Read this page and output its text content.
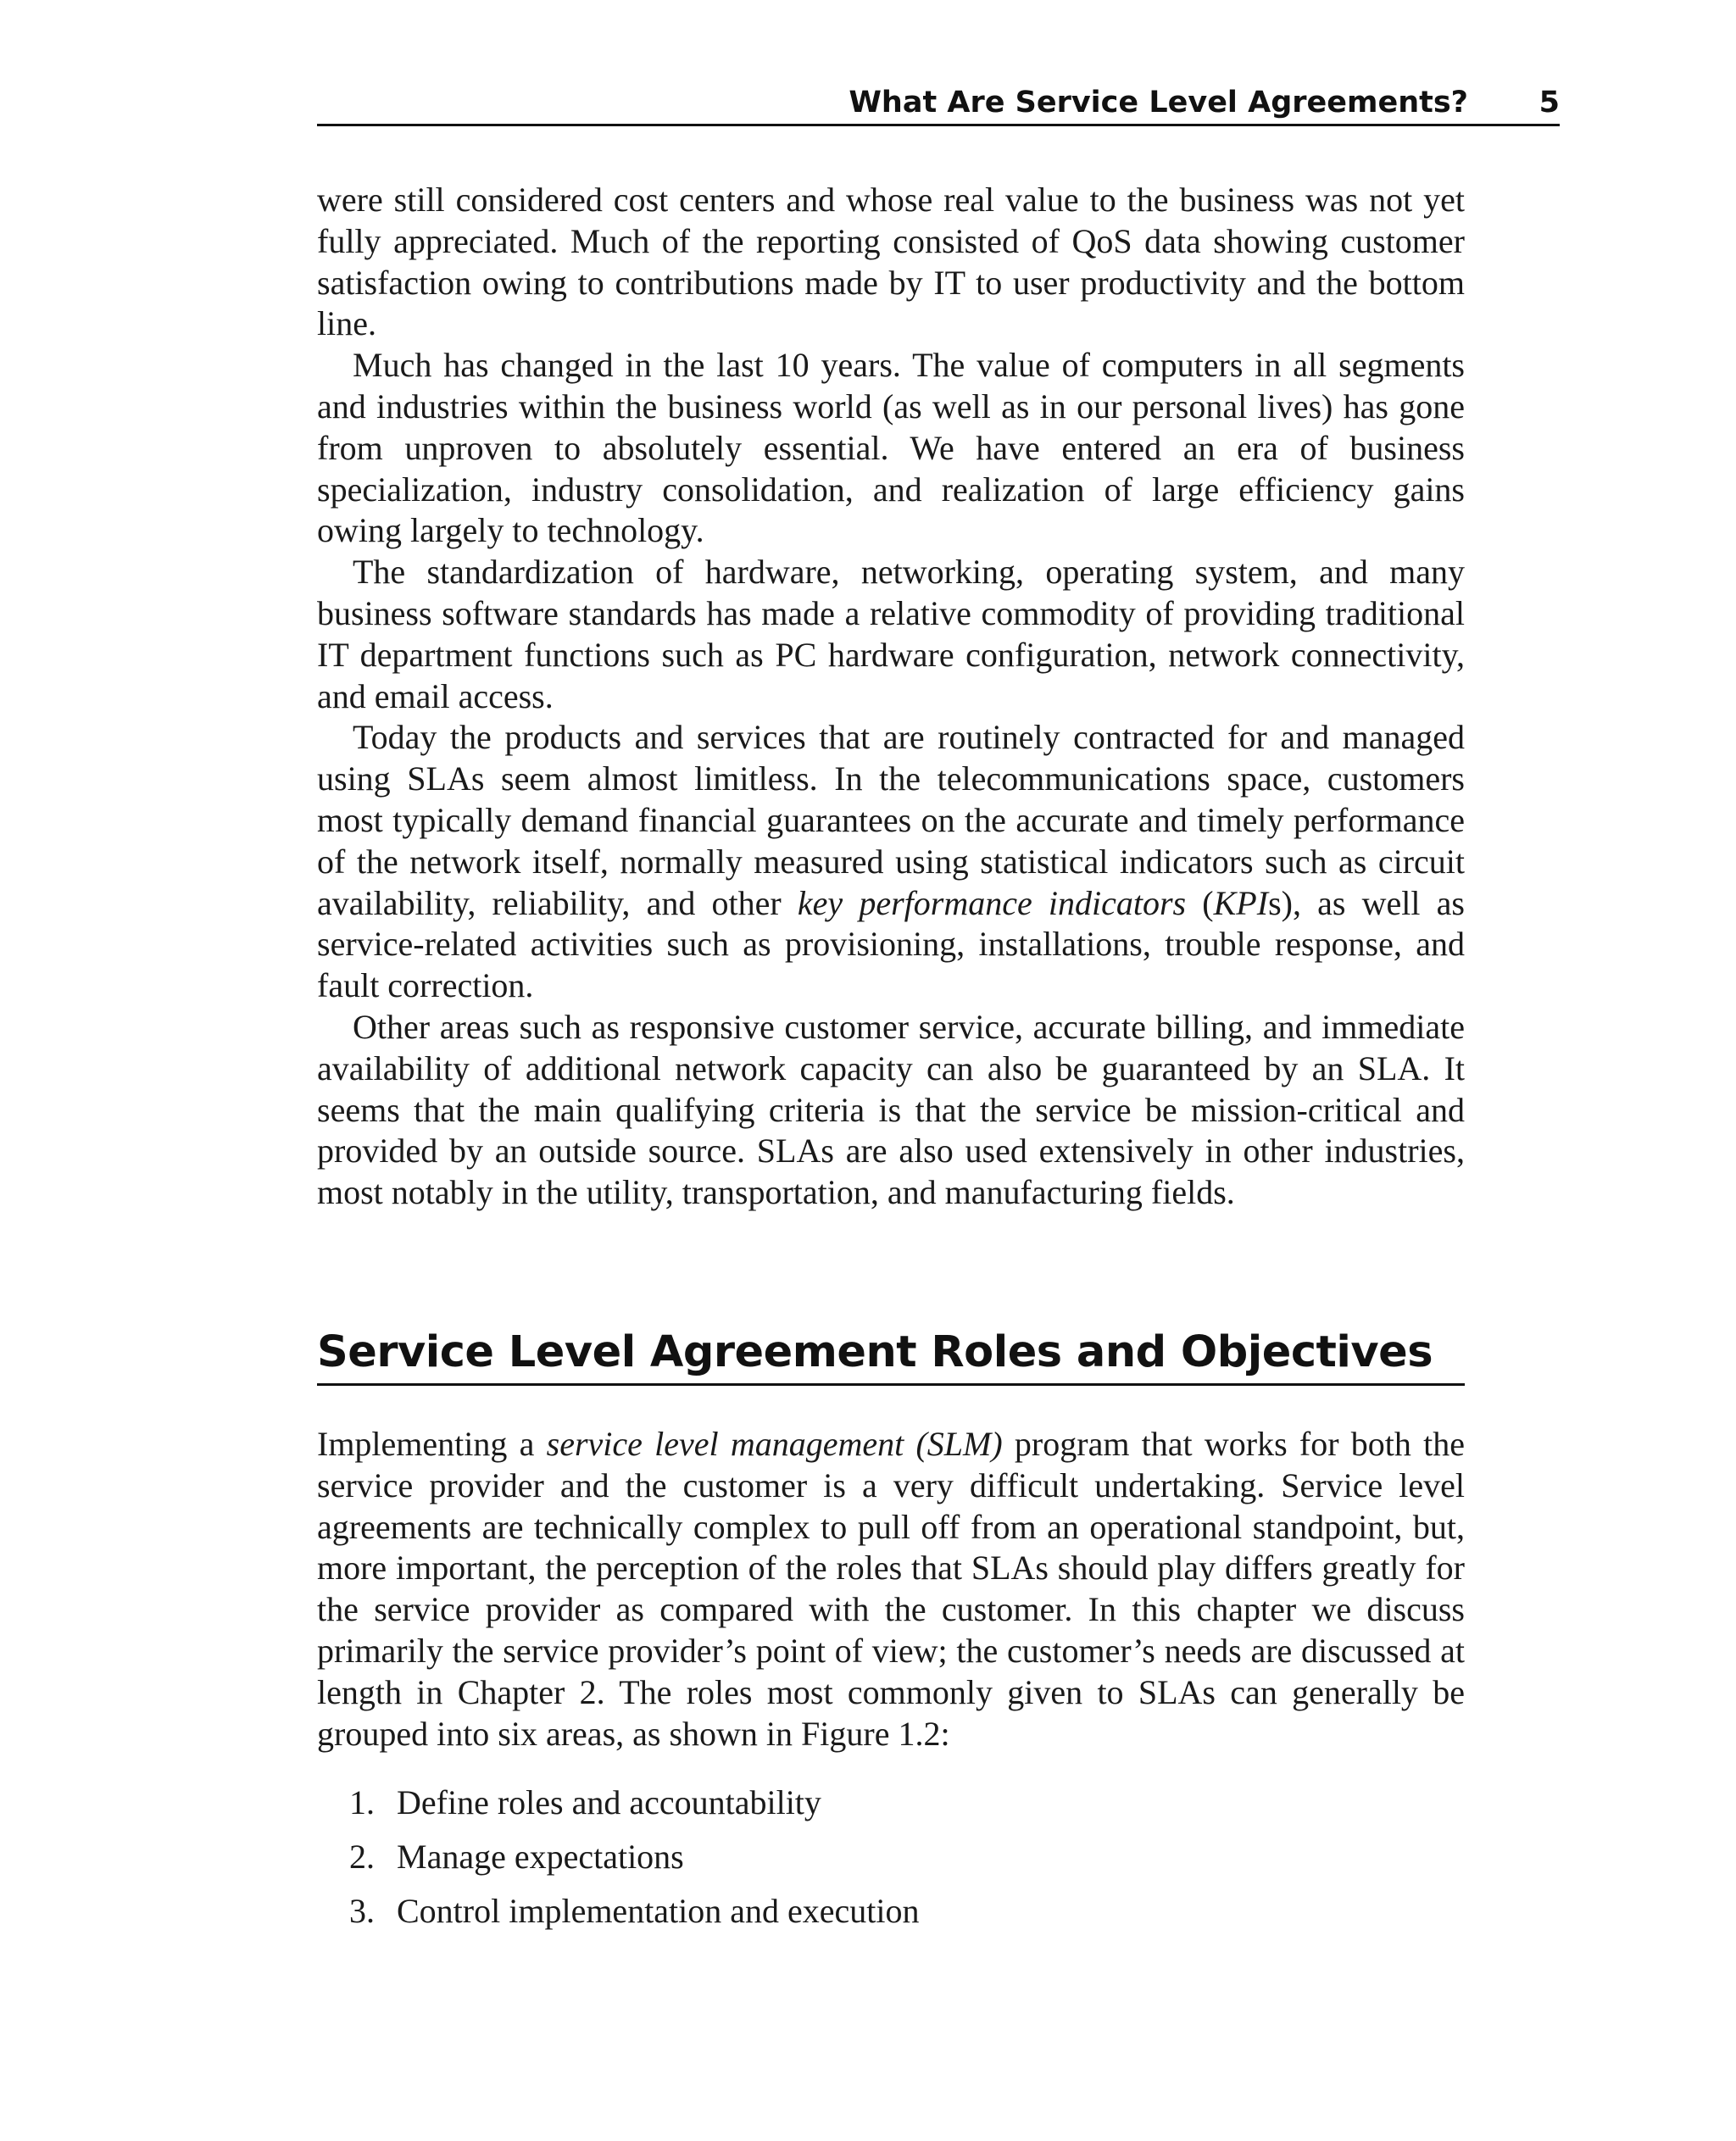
What Are Service Level Agreements? 5

were still considered cost centers and whose real value to the business was not yet fully appreciated. Much of the reporting consisted of QoS data showing customer satisfaction owing to contributions made by IT to user productivity and the bottom line.

Much has changed in the last 10 years. The value of computers in all segments and industries within the business world (as well as in our personal lives) has gone from unproven to absolutely essential. We have entered an era of business specialization, industry consolidation, and realization of large efficiency gains owing largely to technology.

The standardization of hardware, networking, operating system, and many business software standards has made a relative commodity of providing traditional IT department functions such as PC hardware configuration, network connectivity, and email access.

Today the products and services that are routinely contracted for and managed using SLAs seem almost limitless. In the telecommunications space, customers most typically demand financial guarantees on the accurate and timely performance of the network itself, normally measured using statistical indicators such as circuit availability, reliability, and other key performance indicators (KPIs), as well as service-related activities such as provisioning, installations, trouble response, and fault correction.

Other areas such as responsive customer service, accurate billing, and immediate availability of additional network capacity can also be guaranteed by an SLA. It seems that the main qualifying criteria is that the service be mission-critical and provided by an outside source. SLAs are also used extensively in other industries, most notably in the utility, transportation, and manufacturing fields.

Service Level Agreement Roles and Objectives

Implementing a service level management (SLM) program that works for both the service provider and the customer is a very difficult undertaking. Service level agreements are technically complex to pull off from an operational standpoint, but, more important, the perception of the roles that SLAs should play differs greatly for the service provider as compared with the customer. In this chapter we discuss primarily the service provider’s point of view; the customer’s needs are discussed at length in Chapter 2. The roles most commonly given to SLAs can generally be grouped into six areas, as shown in Figure 1.2:

1. Define roles and accountability
2. Manage expectations
3. Control implementation and execution
